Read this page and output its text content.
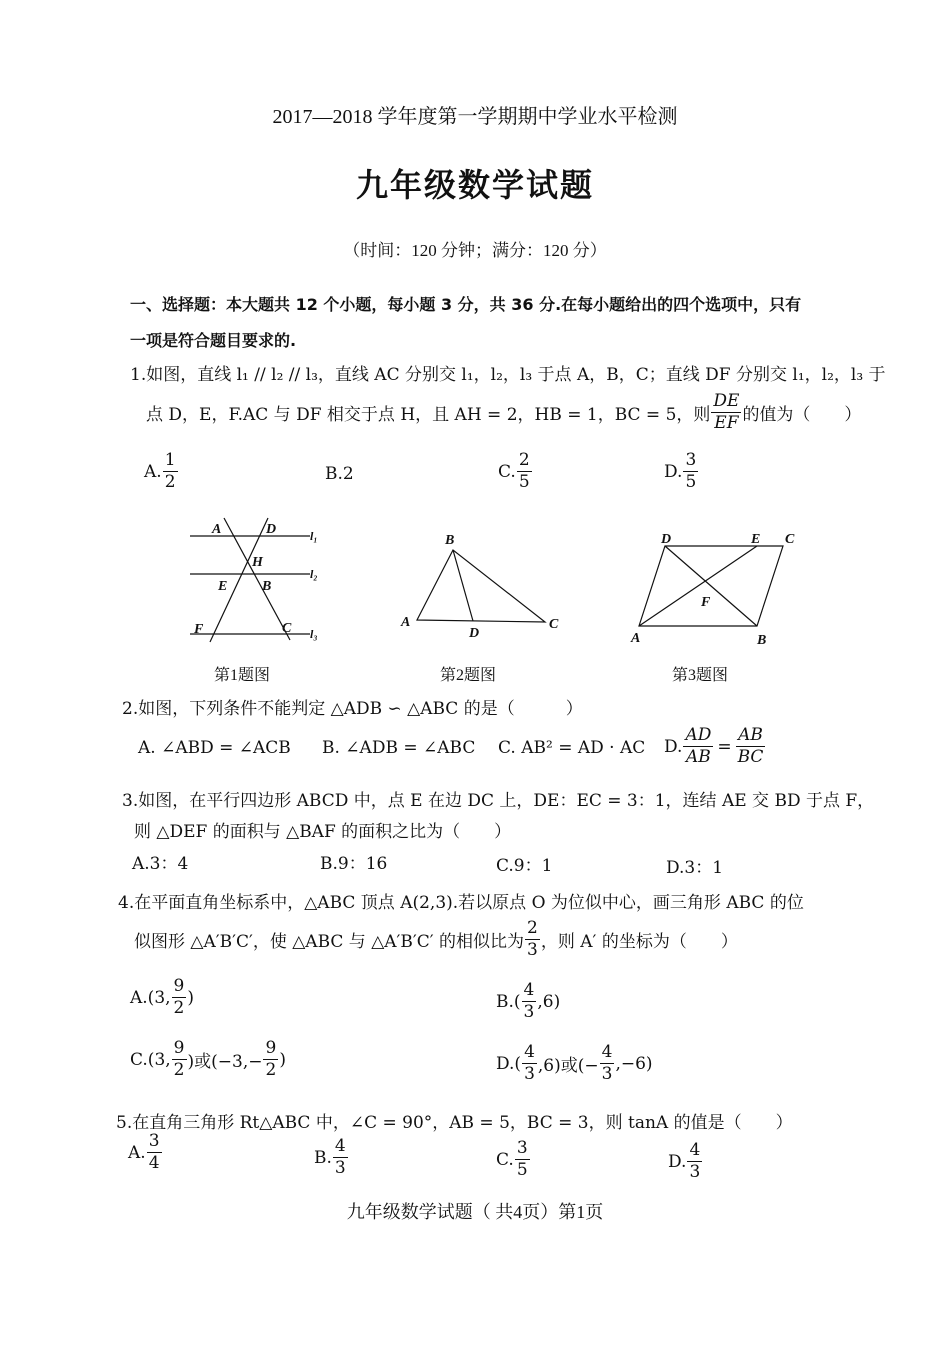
2017—2018 学年度第一学期期中学业水平检测
九年级数学试题
（时间：120 分钟；满分：120 分）
一、选择题：本大题共 12 个小题，每小题 3 分，共 36 分.在每小题给出的四个选项中，只有
一项是符合题目要求的.
1.如图，直线 l₁ // l₂ // l₃，直线 AC 分别交 l₁，l₂，l₃ 于点 A，B，C；直线 DF 分别交 l₁，l₂，l₃ 于
点 D，E，F.AC 与 DF 相交于点 H，且 AH = 2，HB = 1，BC = 5，则 $\frac{DE}{EF}$ 的值为（　　）
A. $\frac{1}{2}$	B.2	C. $\frac{2}{5}$	D. $\frac{3}{5}$
A	D
H
E B
F	C
l₁
l₂
l₃
第1题图
B
A	C
D
第2题图
D	E C
F
A	B
第3题图
2.如图，下列条件不能判定 △ADB ∽ △ABC 的是（　　　）
A. ∠ABD = ∠ACB B. ∠ADB = ∠ABC C. AB² = AD · AC D. $\frac{AD}{AB} = \frac{AB}{BC}$
3.如图，在平行四边形 ABCD 中，点 E 在边 DC 上，DE：EC = 3：1，连结 AE 交 BD 于点 F，
则 △DEF 的面积与 △BAF 的面积之比为（　　）
A.3：4	B.9：16	C.9：1	D.3：1
4.在平面直角坐标系中，△ABC 顶点 A(2,3).若以原点 O 为位似中心，画三角形 ABC 的位
似图形 △A′B′C′，使 △ABC 与 △A′B′C′ 的相似比为 $\frac{2}{3}$ ，则 A′ 的坐标为（　　）
A.(3, $\frac{9}{2}$ )	$B.( \frac{4}{3} ,6)$
C.(3, $\frac{9}{2}$ )或($-3,- \frac{9}{2}$ )	$D.( \frac{4}{3} ,6)$或(− $\frac{4}{3} ,-6$)
5.在直角三角形 Rt△ABC 中，∠C = 90°，AB = 5，BC = 3，则 tanA 的值是（　　）
A. $\frac{3}{4}$	B. $\frac{4}{3}$	C. $\frac{3}{5}$	D. $\frac{4}{3}$
九年级数学试题（ 共4页）第1页
